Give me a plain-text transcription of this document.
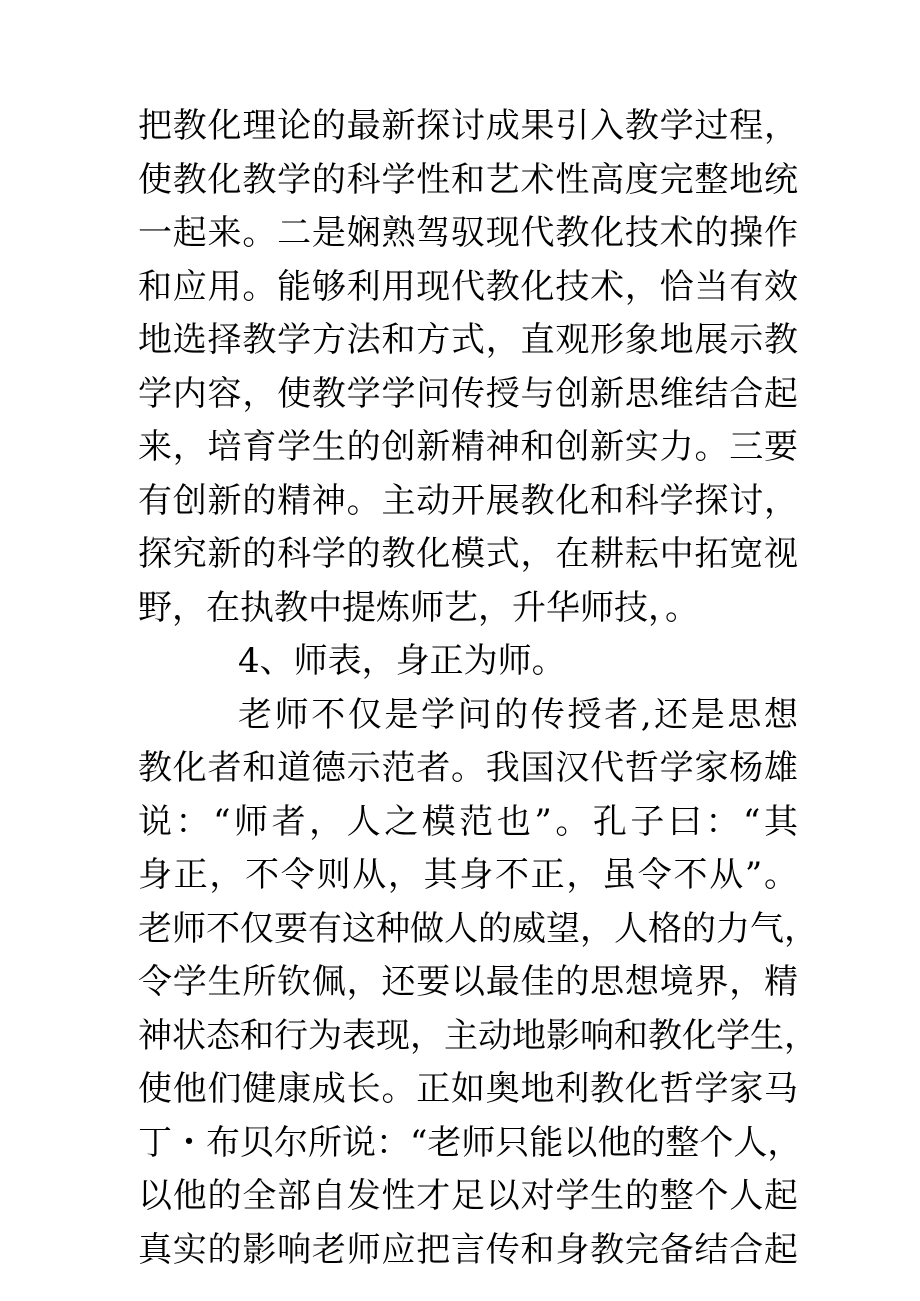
把教化理论的最新探讨成果引入教学过程，
使教化教学的科学性和艺术性高度完整地统
一起来。二是娴熟驾驭现代教化技术的操作
和应用。能够利用现代教化技术，恰当有效
地选择教学方法和方式，直观形象地展示教
学内容，使教学学问传授与创新思维结合起
来，培育学生的创新精神和创新实力。三要
有创新的精神。主动开展教化和科学探讨，
探究新的科学的教化模式，在耕耘中拓宽视
野，在执教中提炼师艺，升华师技，。
4、师表，身正为师。
老师不仅是学问的传授者,还是思想
教化者和道德示范者。我国汉代哲学家杨雄
说：“师者，人之模范也”。孔子曰：“其
身正，不令则从，其身不正，虽令不从”。
老师不仅要有这种做人的威望，人格的力气，
令学生所钦佩，还要以最佳的思想境界，精
神状态和行为表现，主动地影响和教化学生，
使他们健康成长。正如奥地利教化哲学家马
丁・布贝尔所说：“老师只能以他的整个人，
以他的全部自发性才足以对学生的整个人起
真实的影响老师应把言传和身教完备结合起
